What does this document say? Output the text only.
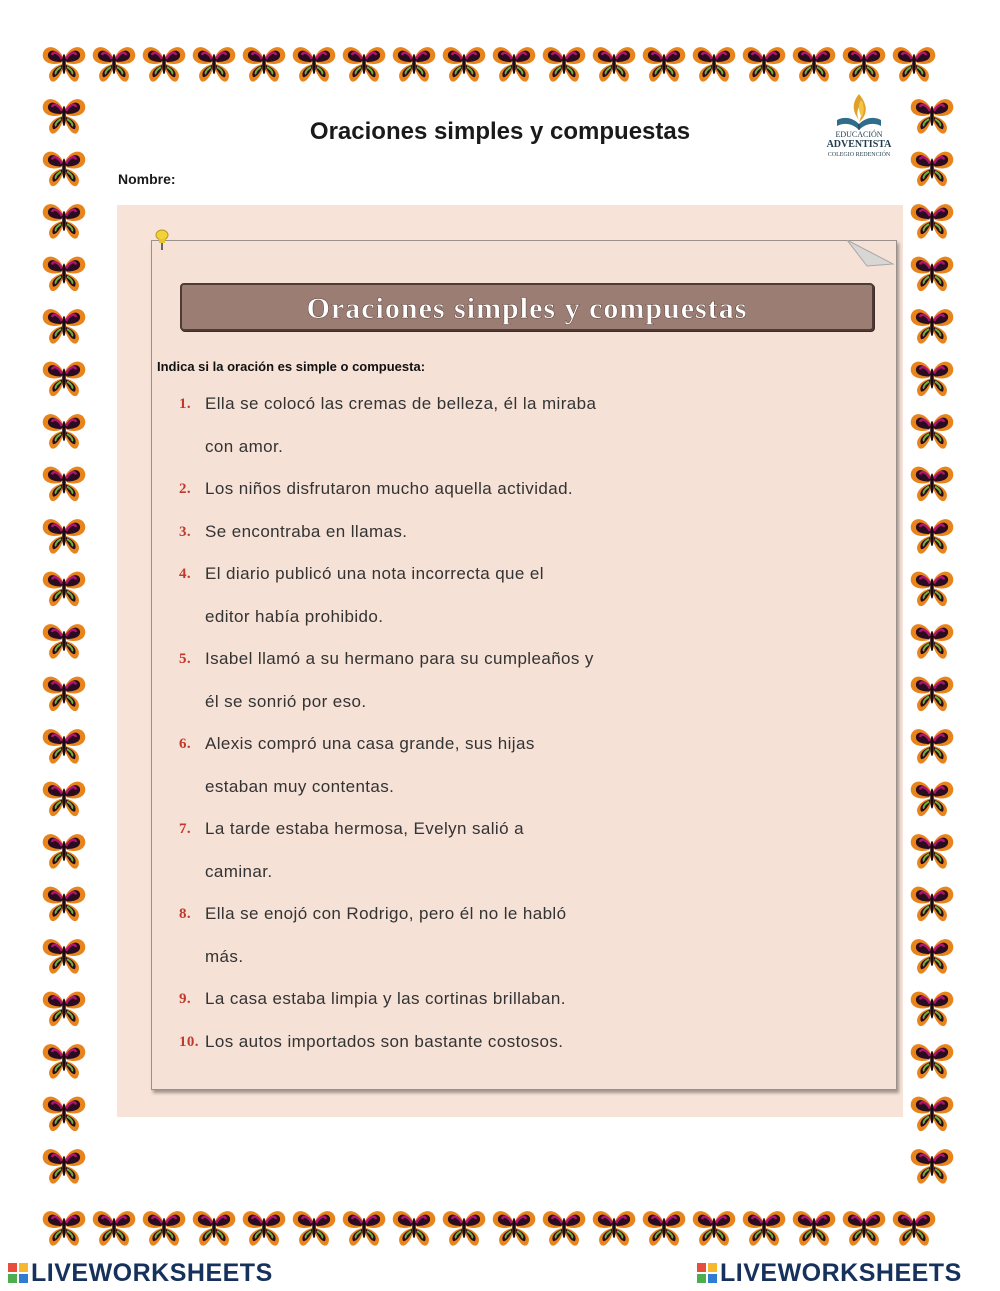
Oraciones simples y compuestas
Nombre:
EDUCACIÓN
ADVENTISTA
COLEGIO REDENCIÓN
Oraciones simples y compuestas
Indica si la oración es simple o compuesta:
1. Ella se colocó las cremas de belleza, él la miraba
con amor.
2. Los niños disfrutaron mucho aquella actividad.
3. Se encontraba en llamas.
4. El diario publicó una nota incorrecta que el
editor había prohibido.
5. Isabel llamó a su hermano para su cumpleaños y
él se sonrió por eso.
6. Alexis compró una casa grande, sus hijas
estaban muy contentas.
7. La tarde estaba hermosa, Evelyn salió a
caminar.
8. Ella se enojó con Rodrigo, pero él no le habló
más.
9. La casa estaba limpia y las cortinas brillaban.
10. Los autos importados son bastante costosos.
LIVEWORKSHEETS	LIVEWORKSHEETS
